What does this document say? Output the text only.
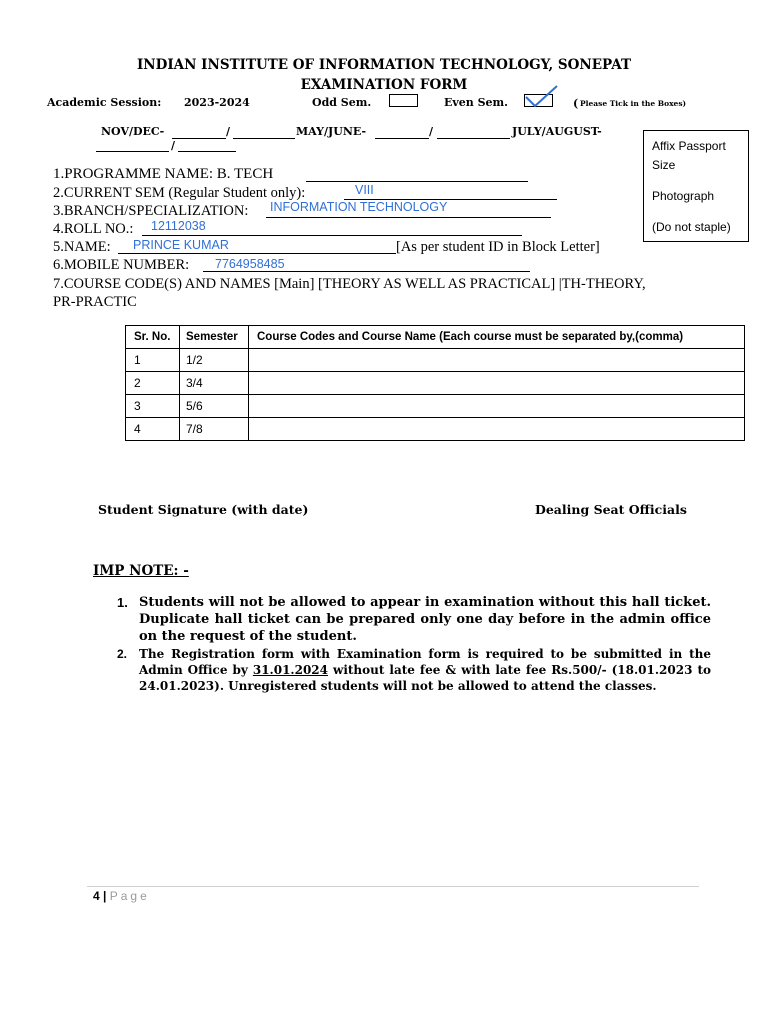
INDIAN INSTITUTE OF INFORMATION TECHNOLOGY, SONEPAT
EXAMINATION FORM
Academic Session: 2023-2024	Odd Sem.	Even Sem.	( Please Tick in the Boxes)
NOV/DEC-	/	MAY/JUNE-	/	JULY/AUGUST-
/	Affix Passport
Size
Photograph
(Do not staple)
1.PROGRAMME NAME: B. TECH
2.CURRENT SEM (Regular Student only):	VIII
3.BRANCH/SPECIALIZATION: INFORMATION TECHNOLOGY
4.ROLL NO.: 12112038
5.NAME: PRINCE KUMAR	[As per student ID in Block Letter]
6.MOBILE NUMBER: 7764958485
7.COURSE CODE(S) AND NAMES [Main] [THEORY AS WELL AS PRACTICAL] |TH-THEORY,
PR-PRACTIC
Sr. No.	Semester	Course Codes and Course Name (Each course must be separated by,(comma)
1	1/2	
2	3/4	
3	5/6	
4	7/8	
Student Signature (with date)	Dealing Seat Officials
IMP NOTE: -
1. Students will not be allowed to appear in examination without this hall ticket. Duplicate hall ticket can be prepared only one day before in the admin office on the request of the student.
2. The Registration form with Examination form is required to be submitted in the Admin Office by 31.01.2024 without late fee & with late fee Rs.500/- (18.01.2023 to 24.01.2023). Unregistered students will not be allowed to attend the classes.
4 | Page
